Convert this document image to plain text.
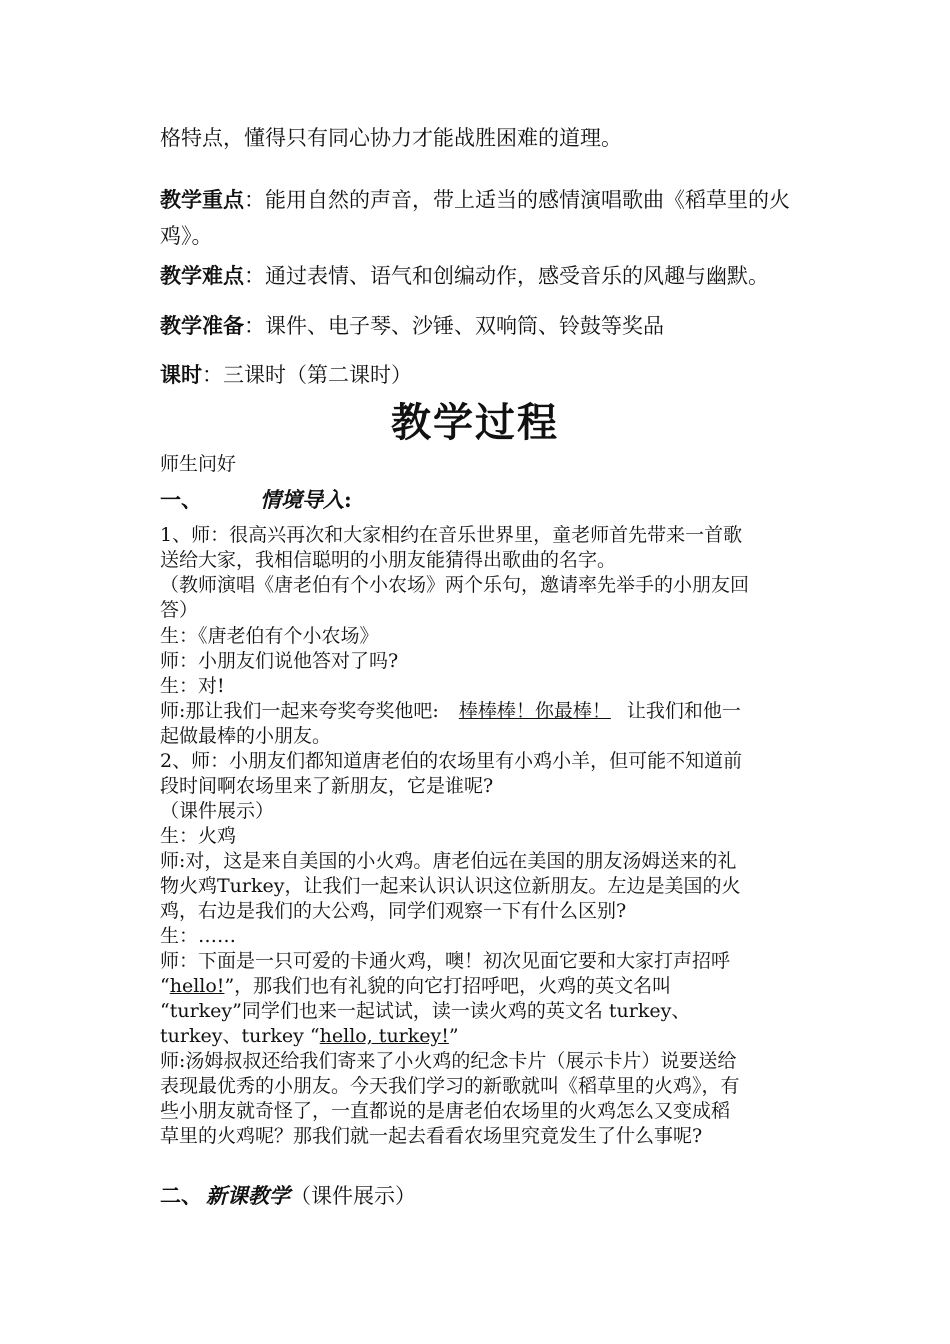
格特点，懂得只有同心协力才能战胜困难的道理。
教学重点：能用自然的声音，带上适当的感情演唱歌曲《稻草里的火
鸡》。
教学难点：通过表情、语气和创编动作，感受音乐的风趣与幽默。
教学准备：课件、电子琴、沙锤、双响筒、铃鼓等奖品
课时：三课时（第二课时）
教学过程
师生问好
一、	情境导入:
1、师：很高兴再次和大家相约在音乐世界里，童老师首先带来一首歌
送给大家，我相信聪明的小朋友能猜得出歌曲的名字。
（教师演唱《唐老伯有个小农场》两个乐句，邀请率先举手的小朋友回
答）
生：《唐老伯有个小农场》
师：小朋友们说他答对了吗?
生：对!
师:那让我们一起来夸奖夸奖他吧: 棒棒棒！你最棒！ 让我们和他一
起做最棒的小朋友。
2、师：小朋友们都知道唐老伯的农场里有小鸡小羊，但可能不知道前
段时间啊农场里来了新朋友，它是谁呢?
（课件展示）
生：火鸡
师:对，这是来自美国的小火鸡。唐老伯远在美国的朋友汤姆送来的礼
物火鸡Turkey，让我们一起来认识认识这位新朋友。左边是美国的火
鸡，右边是我们的大公鸡，同学们观察一下有什么区别?
生：……
师：下面是一只可爱的卡通火鸡，噢！初次见面它要和大家打声招呼
“hello!”，那我们也有礼貌的向它打招呼吧，火鸡的英文名叫
“turkey”同学们也来一起试试，读一读火鸡的英文名 turkey、
turkey、turkey “hello, turkey!”
师:汤姆叔叔还给我们寄来了小火鸡的纪念卡片（展示卡片）说要送给
表现最优秀的小朋友。今天我们学习的新歌就叫《稻草里的火鸡》，有
些小朋友就奇怪了，一直都说的是唐老伯农场里的火鸡怎么又变成稻
草里的火鸡呢？那我们就一起去看看农场里究竟发生了什么事呢?
二、 新课教学（课件展示）
